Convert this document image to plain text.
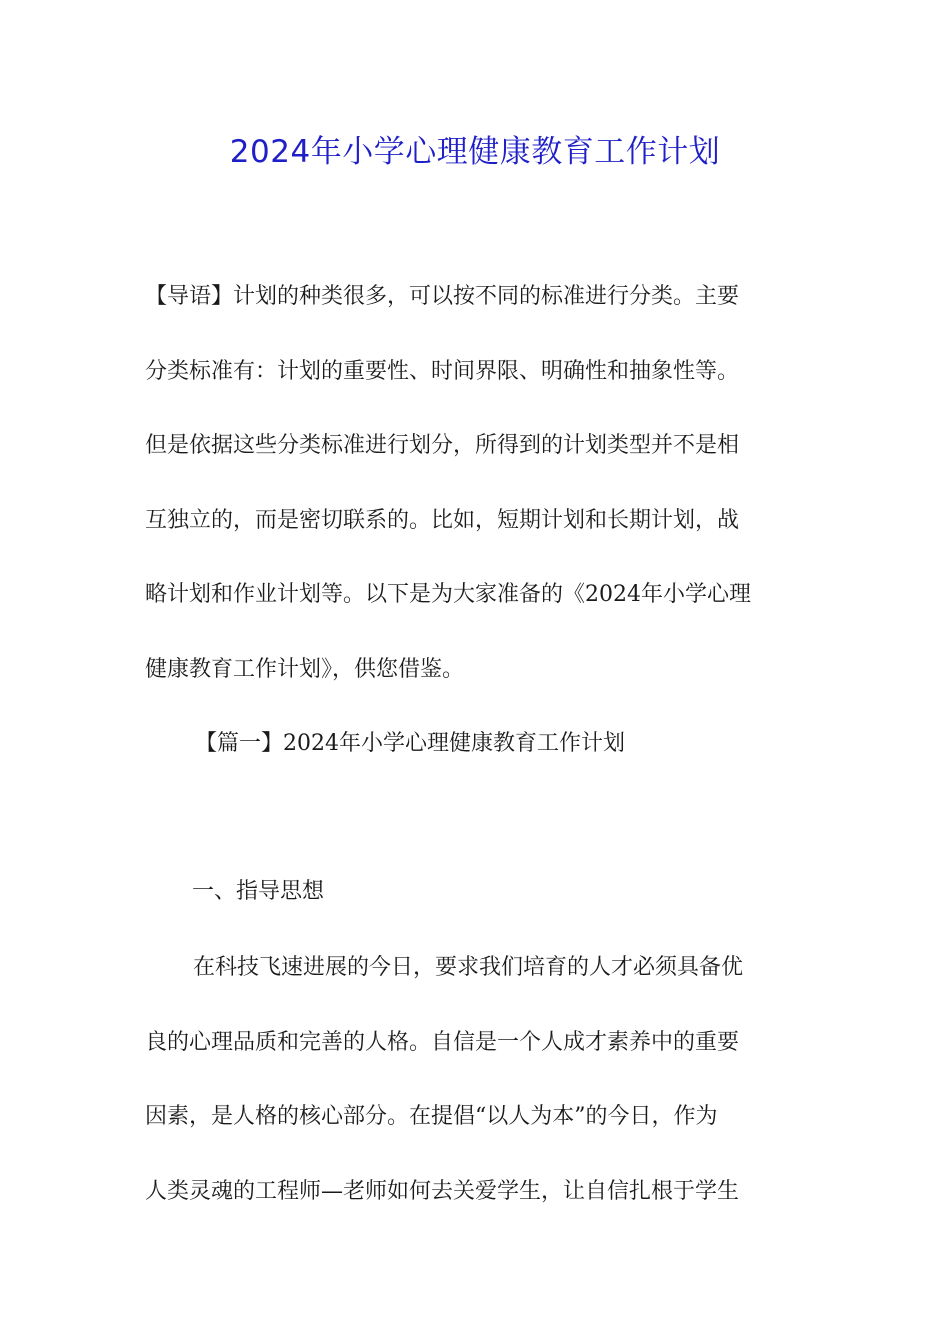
2024年小学心理健康教育工作计划
【导语】计划的种类很多，可以按不同的标准进行分类。主要
分类标准有：计划的重要性、时间界限、明确性和抽象性等。
但是依据这些分类标准进行划分，所得到的计划类型并不是相
互独立的，而是密切联系的。比如，短期计划和长期计划，战
略计划和作业计划等。以下是为大家准备的《2024年小学心理
健康教育工作计划》，供您借鉴。
【篇一】2024年小学心理健康教育工作计划
一、指导思想
在科技飞速进展的今日，要求我们培育的人才必须具备优
良的心理品质和完善的人格。自信是一个人成才素养中的重要
因素，是人格的核心部分。在提倡“以人为本”的今日，作为
人类灵魂的工程师—老师如何去关爱学生，让自信扎根于学生
